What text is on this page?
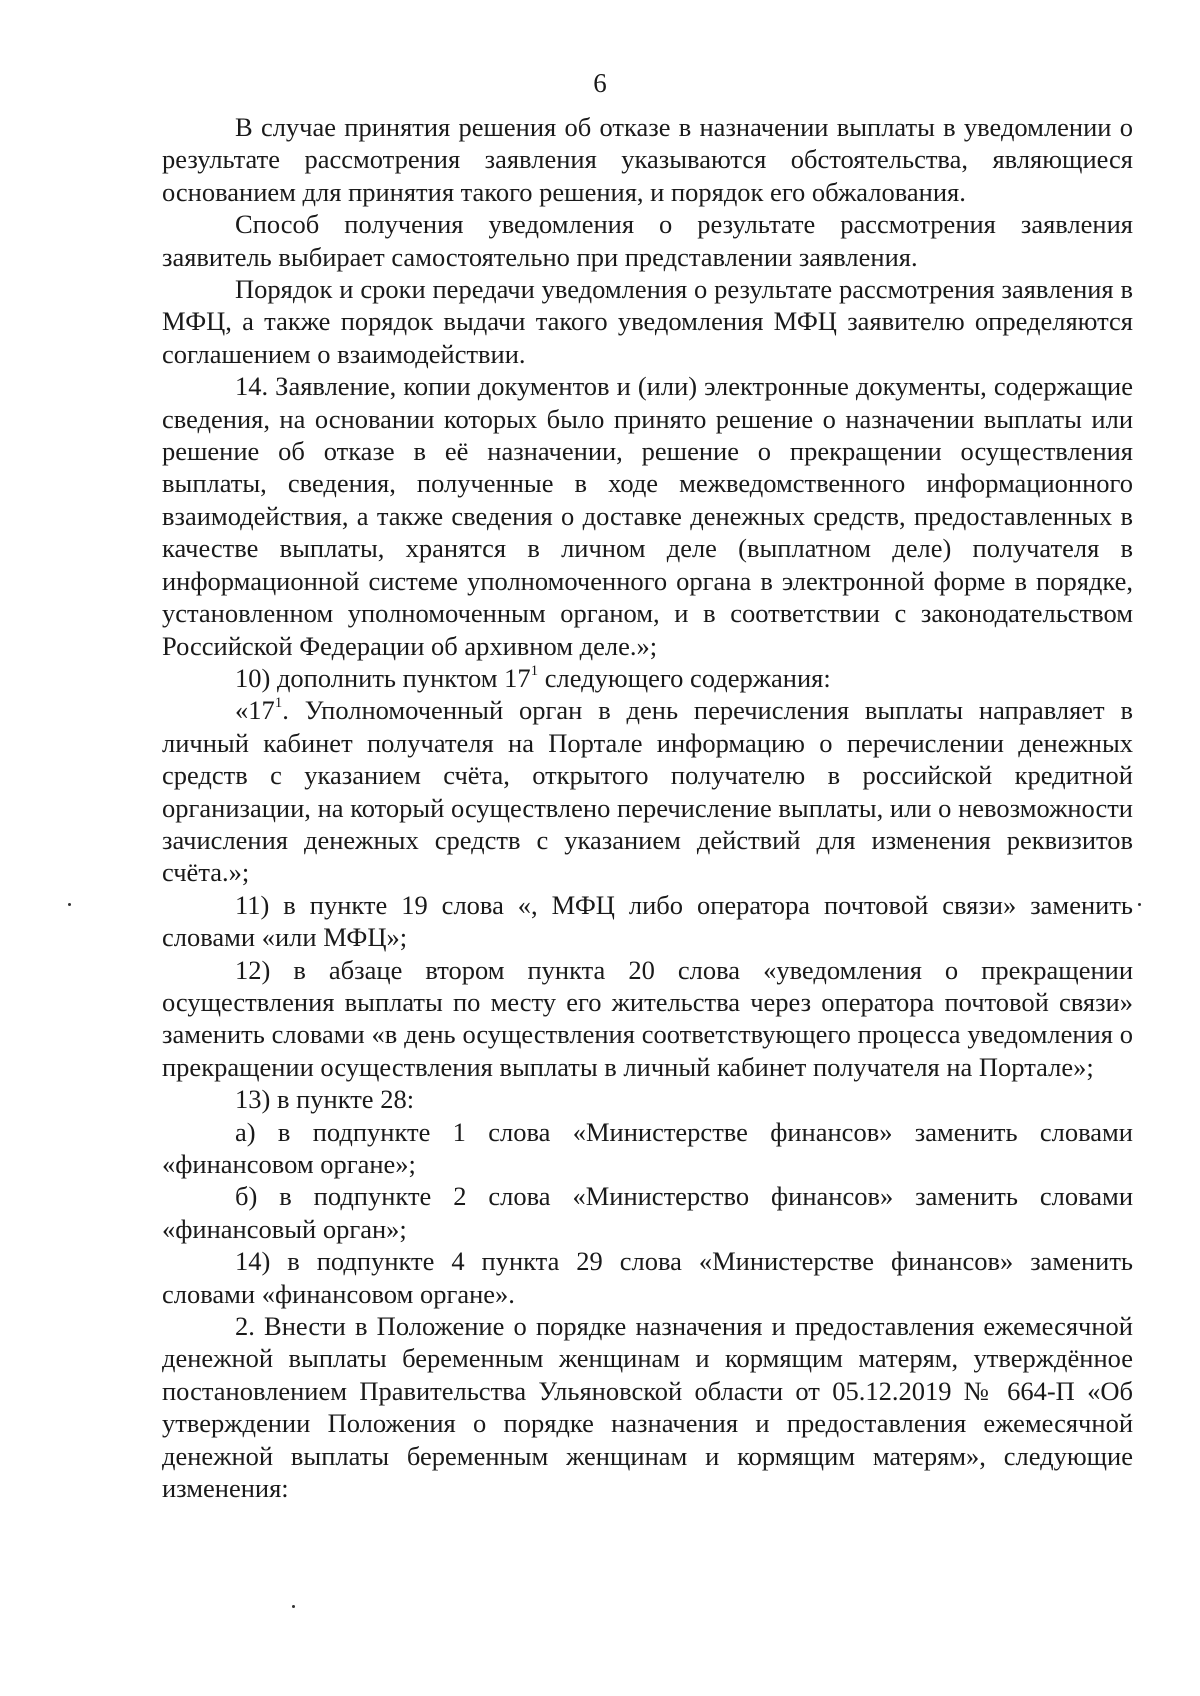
6

В случае принятия решения об отказе в назначении выплаты в уведомлении о результате рассмотрения заявления указываются обстоятельства, являющиеся основанием для принятия такого решения, и порядок его обжалования.

Способ получения уведомления о результате рассмотрения заявления заявитель выбирает самостоятельно при представлении заявления.

Порядок и сроки передачи уведомления о результате рассмотрения заявления в МФЦ, а также порядок выдачи такого уведомления МФЦ заявителю определяются соглашением о взаимодействии.

14. Заявление, копии документов и (или) электронные документы, содержащие сведения, на основании которых было принято решение о назначении выплаты или решение об отказе в её назначении, решение о прекращении осуществления выплаты, сведения, полученные в ходе межведомственного информационного взаимодействия, а также сведения о доставке денежных средств, предоставленных в качестве выплаты, хранятся в личном деле (выплатном деле) получателя в информационной системе уполномоченного органа в электронной форме в порядке, установленном уполномоченным органом, и в соответствии с законодательством Российской Федерации об архивном деле.»;

10) дополнить пунктом $17^1$ следующего содержания:

«$17^1$. Уполномоченный орган в день перечисления выплаты направляет в личный кабинет получателя на Портале информацию о перечислении денежных средств с указанием счёта, открытого получателю в российской кредитной организации, на который осуществлено перечисление выплаты, или о невозможности зачисления денежных средств с указанием действий для изменения реквизитов счёта.»;

11) в пункте 19 слова «, МФЦ либо оператора почтовой связи» заменить словами «или МФЦ»;

12) в абзаце втором пункта 20 слова «уведомления о прекращении осуществления выплаты по месту его жительства через оператора почтовой связи» заменить словами «в день осуществления соответствующего процесса уведомления о прекращении осуществления выплаты в личный кабинет получателя на Портале»;

13) в пункте 28:

а) в подпункте 1 слова «Министерстве финансов» заменить словами «финансовом органе»;

б) в подпункте 2 слова «Министерство финансов» заменить словами «финансовый орган»;

14) в подпункте 4 пункта 29 слова «Министерстве финансов» заменить словами «финансовом органе».

2. Внести в Положение о порядке назначения и предоставления ежемесячной денежной выплаты беременным женщинам и кормящим матерям, утверждённое постановлением Правительства Ульяновской области от 05.12.2019 № 664-П «Об утверждении Положения о порядке назначения и предоставления ежемесячной денежной выплаты беременным женщинам и кормящим матерям», следующие изменения:
